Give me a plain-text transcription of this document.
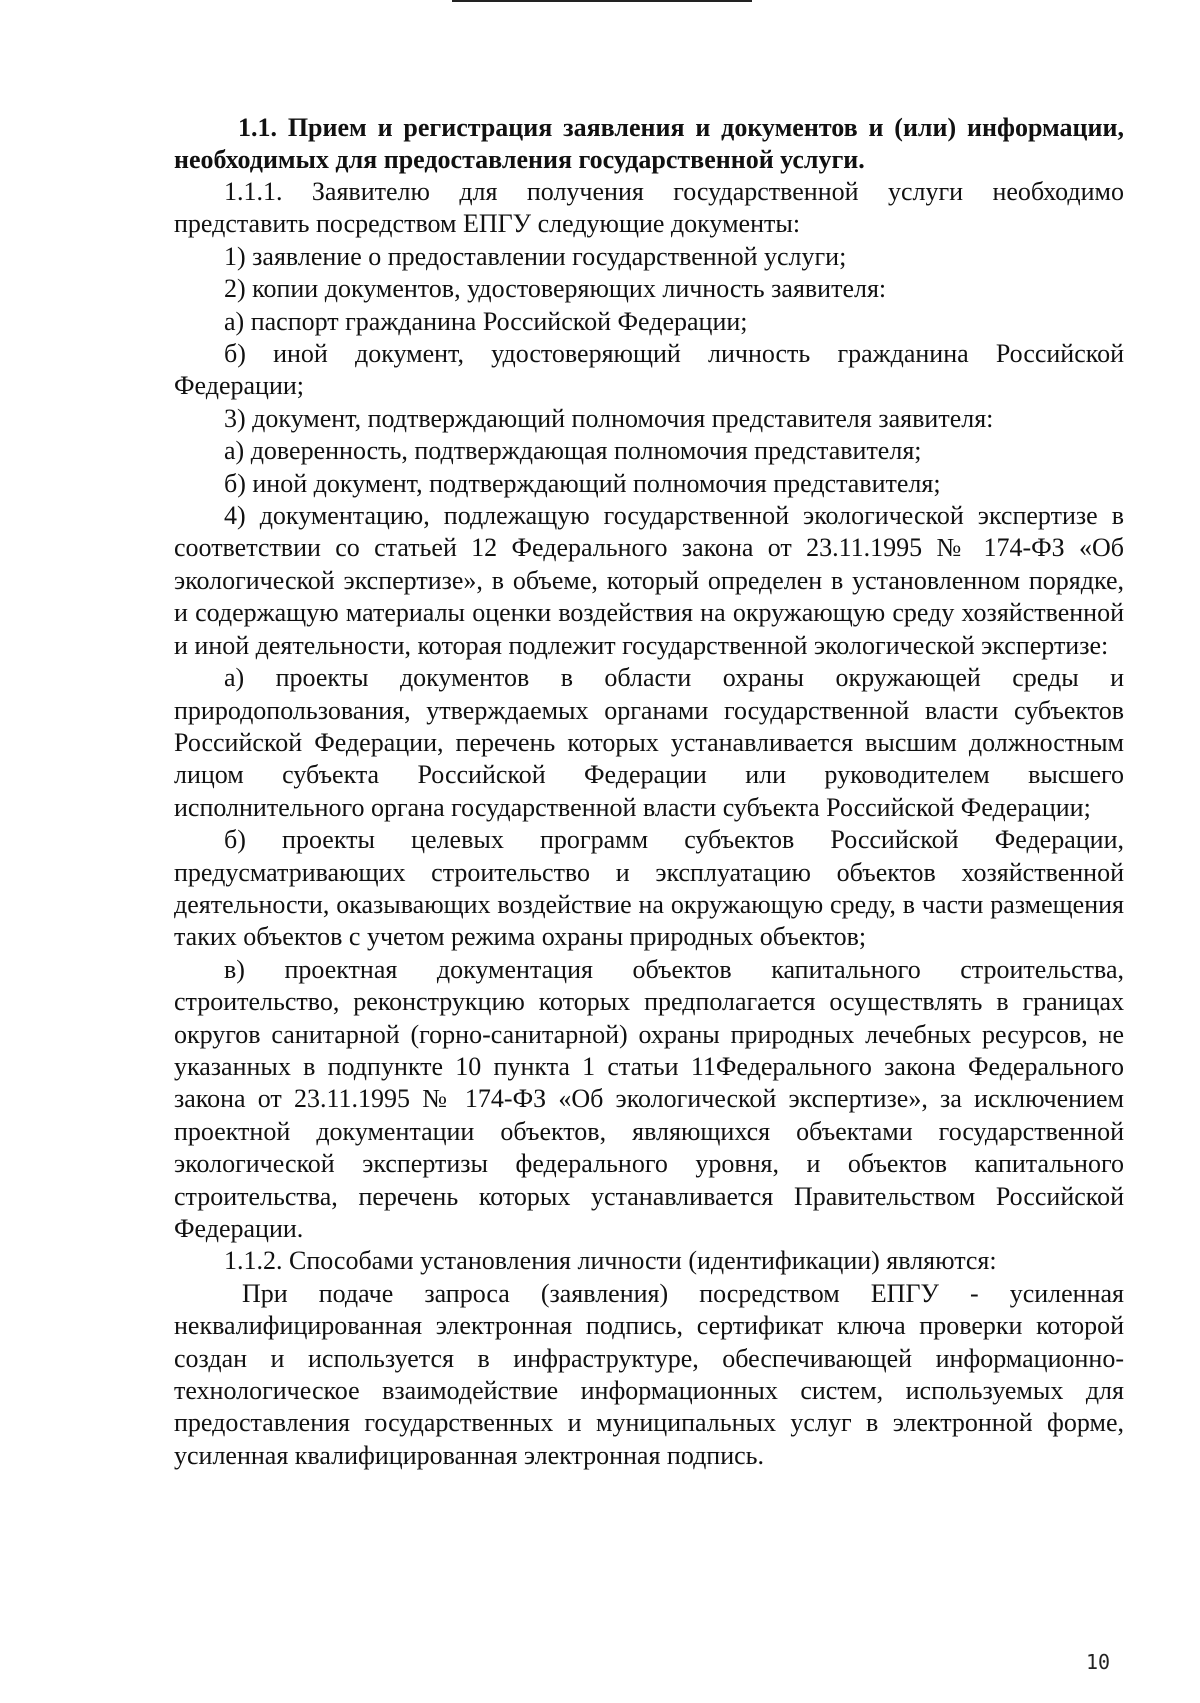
1.1. Прием и регистрация заявления и документов и (или) информации, необходимых для предоставления государственной услуги.

1.1.1. Заявителю для получения государственной услуги необходимо представить посредством ЕПГУ следующие документы:

1) заявление о предоставлении государственной услуги;

2) копии документов, удостоверяющих личность заявителя:

а) паспорт гражданина Российской Федерации;

б) иной документ, удостоверяющий личность гражданина Российской Федерации;

3) документ, подтверждающий полномочия представителя заявителя:

а) доверенность, подтверждающая полномочия представителя;

б) иной документ, подтверждающий полномочия представителя;

4) документацию, подлежащую государственной экологической экспертизе в соответствии со статьей 12 Федерального закона от 23.11.1995 № 174-ФЗ «Об экологической экспертизе», в объеме, который определен в установленном порядке, и содержащую материалы оценки воздействия на окружающую среду хозяйственной и иной деятельности, которая подлежит государственной экологической экспертизе:

а) проекты документов в области охраны окружающей среды и природопользования, утверждаемых органами государственной власти субъектов Российской Федерации, перечень которых устанавливается высшим должностным лицом субъекта Российской Федерации или руководителем высшего исполнительного органа государственной власти субъекта Российской Федерации;

б) проекты целевых программ субъектов Российской Федерации, предусматривающих строительство и эксплуатацию объектов хозяйственной деятельности, оказывающих воздействие на окружающую среду, в части размещения таких объектов с учетом режима охраны природных объектов;

в) проектная документация объектов капитального строительства, строительство, реконструкцию которых предполагается осуществлять в границах округов санитарной (горно-санитарной) охраны природных лечебных ресурсов, не указанных в подпункте 10 пункта 1 статьи 11Федерального закона Федерального закона от 23.11.1995 № 174-ФЗ «Об экологической экспертизе», за исключением проектной документации объектов, являющихся объектами государственной экологической экспертизы федерального уровня, и объектов капитального строительства, перечень которых устанавливается Правительством Российской Федерации.

1.1.2. Способами установления личности (идентификации) являются:

При подаче запроса (заявления) посредством ЕПГУ - усиленная неквалифицированная электронная подпись, сертификат ключа проверки которой создан и используется в инфраструктуре, обеспечивающей информационно-технологическое взаимодействие информационных систем, используемых для предоставления государственных и муниципальных услуг в электронной форме, усиленная квалифицированная электронная подпись.

10
